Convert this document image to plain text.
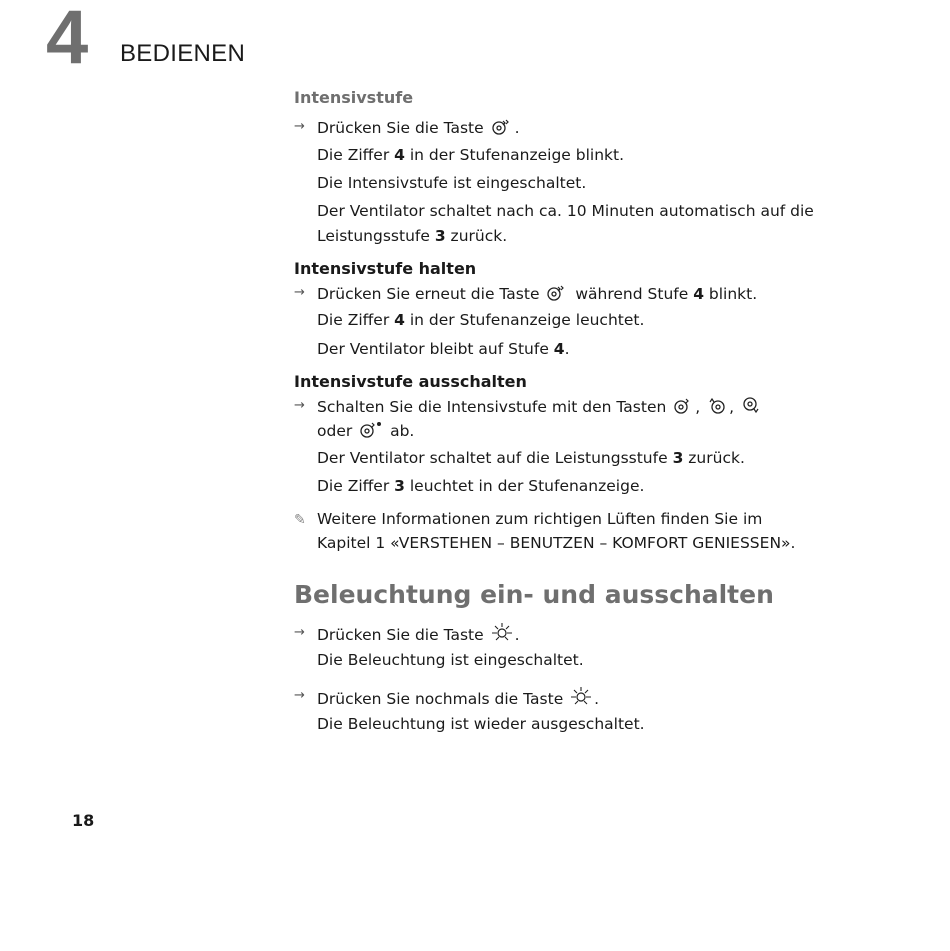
4 BEDIENEN
Intensivstufe
→ Drücken Sie die Taste .
Die Ziffer 4 in der Stufenanzeige blinkt.
Die Intensivstufe ist eingeschaltet.
Der Ventilator schaltet nach ca. 10 Minuten automatisch auf die
Leistungsstufe 3 zurück.
Intensivstufe halten
→ Drücken Sie erneut die Taste  während Stufe 4 blinkt.
Die Ziffer 4 in der Stufenanzeige leuchtet.
Der Ventilator bleibt auf Stufe 4.
Intensivstufe ausschalten
→ Schalten Sie die Intensivstufe mit den Tasten , ,
oder  ab.
Der Ventilator schaltet auf die Leistungsstufe 3 zurück.
Die Ziffer 3 leuchtet in der Stufenanzeige.
✎ Weitere Informationen zum richtigen Lüften finden Sie im
Kapitel 1 «VERSTEHEN – BENUTZEN – KOMFORT GENIESSEN».
Beleuchtung ein- und ausschalten
→ Drücken Sie die Taste .
Die Beleuchtung ist eingeschaltet.
→ Drücken Sie nochmals die Taste .
Die Beleuchtung ist wieder ausgeschaltet.
18
